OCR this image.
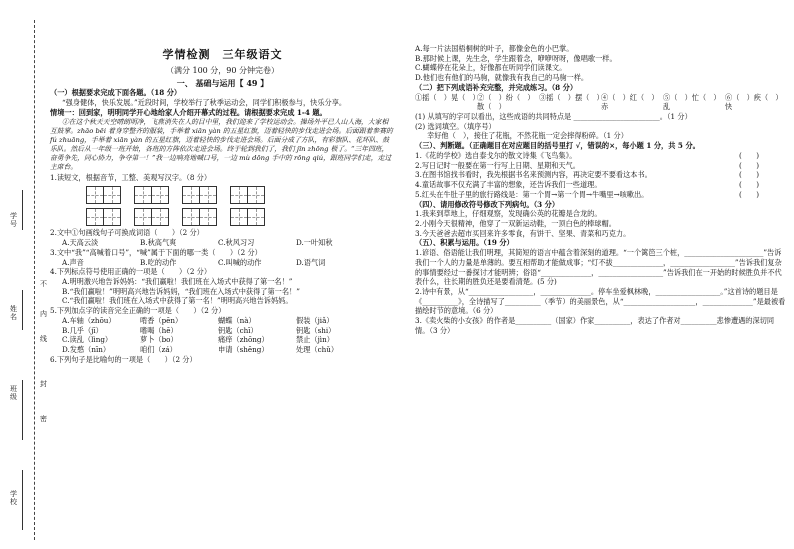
学号
姓名
不
内
线
班级
封
密
学校
学情检测　三年级语文
（满分 100 分，90 分钟完卷）
一、 基础与运用【 49 】

（一）根据要求完成下面各题。（18 分）

“强身健体，快乐发展。”近段时间，学校举行了秋季运动会，同学们积极参与，快乐分享。

情境一：回到家，明明同学开心地给家人介绍开幕式的过程。请根据要求完成 1-4 题。

①在这个秋天天空晴朗明净，飞燕消失在人的目中里，我们迎来了学校运动会。操场外平已人山人海，大家相互鼓掌。zhāo bēi 着身穿整齐的服装，手举着 xiān yàn 的五星红旗，迈着轻快的步伐走进会场。后面跟着参赛的 fú zhuāng，手举着 xiān yàn 的五星红旗，迈着轻快的步伐走进会场。后面分成了方队，有彩旗队、花环队、鼓乐队。然后从一年级一班开始，各班的方阵依次走进会场。终于轮到我们了，我们 jīn zhōng 极了。“三年四班，奋勇争先，同心协力，争夺第一！”我一边响亮地喊口号，一边 mù dōng 手中的 rōng qiú，跟班同学们走，走过主席台。

1.读短文，根据音节，工整、美观写汉字。（8 分）

2.文中①句画线句子可换成词语（　　）（2 分）

A.天高云淡	B.秋高气爽	C.秋风习习	D.一叶知秋

3.文中“我”“高喊着口号”，“喊”属于下面的哪一类（　　）（2 分）

A.声音	B.吃的动作	C.叫喊的动作	D.语气词

4.下列标点符号使用正确的一项是（　　）（2 分）

A.明明激兴地告诉妈妈：“我们赢啦！我们班在入场式中获得了第一名！”

B.“我们赢啦！”明明高兴地告诉妈妈，“我们班在入场式中获得了第一名！”

C.“我们赢啦！我们班在入场式中获得了第一名！”明明高兴地告诉妈妈。

5.下列加点字的读音完全正确的一项是（　　）（2 分）

A.车轴（zhōu）	啃香（pēn）	蝴蝶（nà）	假装（jiǎ）
B.几乎（jī）	嗜喝（hē）	钥匙（chī）	钥匙（shi）
C.读乱（lìng）	萝卜（bo）	痛痒（zhōng）	禁止（jìn）
D.发憨（nīn）	咱们（zá）	申请（shēng）	处理（chǔ）

6.下列句子是比喻句的一项是（　　）（2 分）

A.每一片法国梧桐树的叶子，都像金色的小巴掌。

B.那时候上课，先生念，学生跟着念，咿咿呀呀，像唱歌一样。

C.蝴蝶停在花朵上，好像都在听同学们读课文。

D.他们也有他们的马驹，就像我有我自己的马驹一样。

（二）把下列成语补充完整，并完成练习。（8 分）

①摇（　）晃（　）
②（　）纷（　）散（　）
③摇（　）摆（　）
④（　）红（　）赤
⑤（　）忙（　）乱
⑥（　）疾（　）快

(1) 从填写的字可以看出，这些成语的共同特点是 ________________________。（1 分）

(2) 选词填空。（填序号）

幸好他（　），接住了花瓶，不然花瓶一定会摔得粉碎。（1 分）

（三）、判断题。（正确题目在对应题目的括号里打 √，错误的×，每小题 1 分，共 5 分。

1.《花的学校》选自泰戈尔的散文诗集《飞鸟集》。	(　　)
2.写日记时一般要在第一行写上日期、星期和天气。	(　　)
3.在图书馆找书看时，我先根据书名来预测内容，再决定要不要看这本书。	(　　)
4.童话故事不仅充满了丰富的想象，还告诉我们一些道理。	(　　)
5.红头在牛肚子里的旅行路线是：第一个胃→第一个胃→牛嘴里→咳嗽出。	(　　)

（四）、请用修改符号修改下列病句。（3 分）

1.我来到草地上，仔细观察，发现确公英的花瓣是合龙的。

2.小刚今天很精神，他穿了一双新运动鞋，一顶白色的棒球帽。

3.今天爸爸去超市买回来许多零食，有饼干、坚果、青菜和巧克力。

（五）、积累与运用。（19 分）

1.谚语、俗语能让我们明理，其简短的语言中蕴含着深刻的道理。“一个篱笆三个桩，______________________”告诉我们一个人的力量是单薄的。要互相帮助才能做成事；“灯不拔______________，__________________”告诉我们复杂的事情要经过一番探讨才能明辨；俗语“______________，__________________”告诉我们在一开始的时候胜负并不代表什么，往长期的胜负还是要看清楚。(5 分)

2.诗中有景，从“__________________，______________。停车坐爱枫林晚，__________________。”这首诗的题目是《__________》，全诗描写了__________（季节）的美丽景色，从“____________________，______________”是最被看描绘时节的意境。（6 分）

3.《卖火柴的小女孩》的作者是__________（国家）作家__________，表达了作者对__________悲惨遭遇的深切同情。（3 分）
